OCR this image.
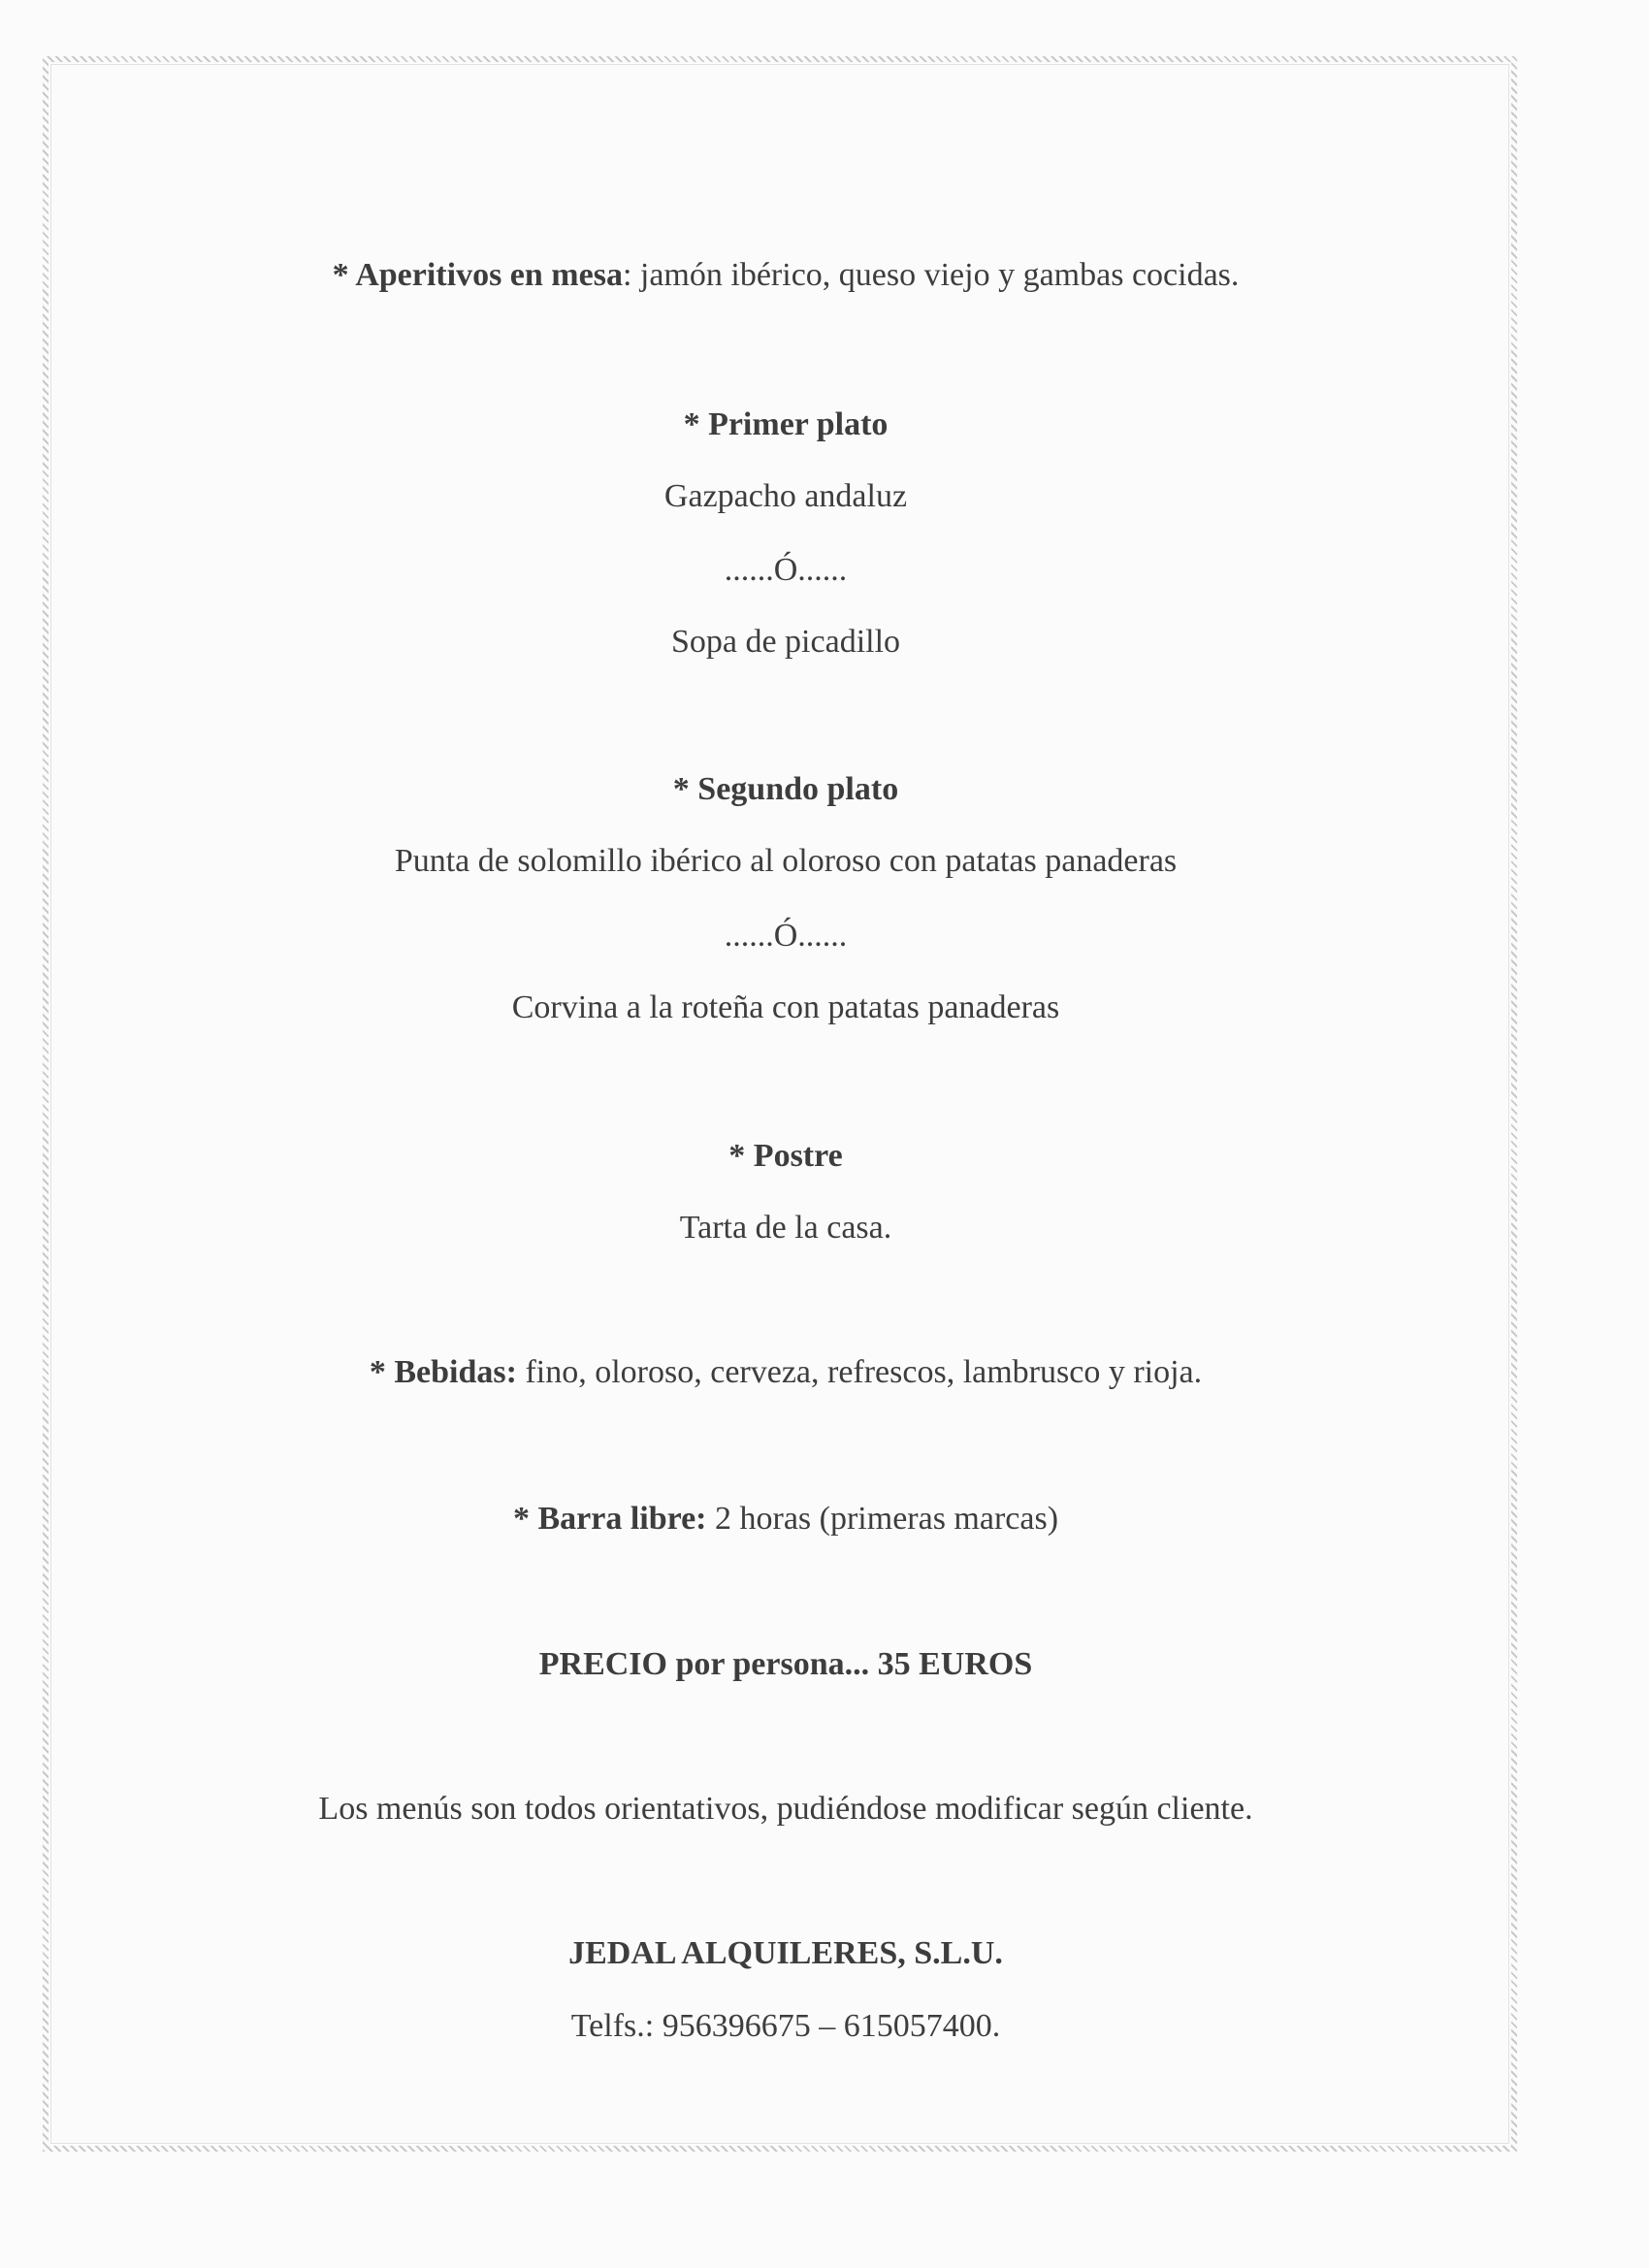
* Aperitivos en mesa: jamón ibérico, queso viejo y gambas cocidas.
* Primer plato
Gazpacho andaluz
......Ó......
Sopa de picadillo
* Segundo plato
Punta de solomillo ibérico al oloroso con patatas panaderas
......Ó......
Corvina a la roteña con patatas panaderas
* Postre
Tarta de la casa.
* Bebidas: fino, oloroso, cerveza, refrescos, lambrusco y rioja.
* Barra libre: 2 horas (primeras marcas)
PRECIO por persona... 35 EUROS
Los menús son todos orientativos, pudiéndose modificar según cliente.
JEDAL ALQUILERES, S.L.U.
Telfs.: 956396675 – 615057400.
